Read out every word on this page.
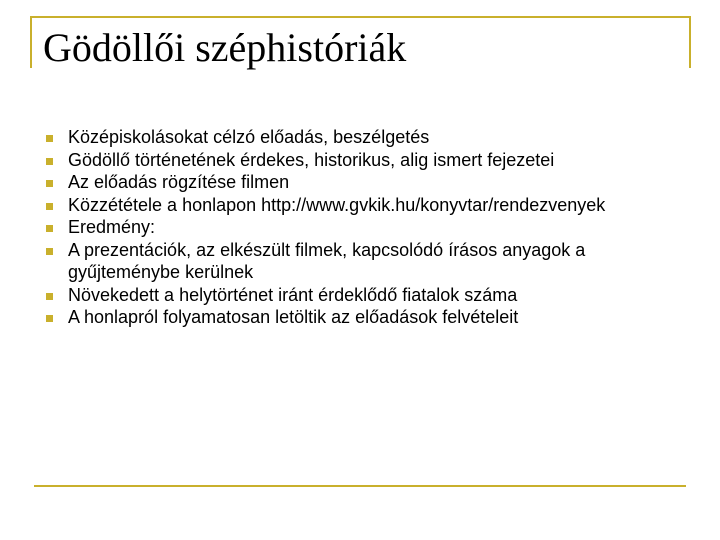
Gödöllői széphistóriák
Középiskolásokat célzó előadás, beszélgetés
Gödöllő történetének érdekes, historikus, alig ismert fejezetei
Az előadás rögzítése filmen
Közzététele a honlapon http://www.gvkik.hu/konyvtar/rendezvenyek
Eredmény:
A prezentációk, az elkészült filmek, kapcsolódó írásos anyagok a gyűjteménybe kerülnek
Növekedett a helytörténet iránt érdeklődő fiatalok száma
A honlapról folyamatosan letöltik az előadások felvételeit
